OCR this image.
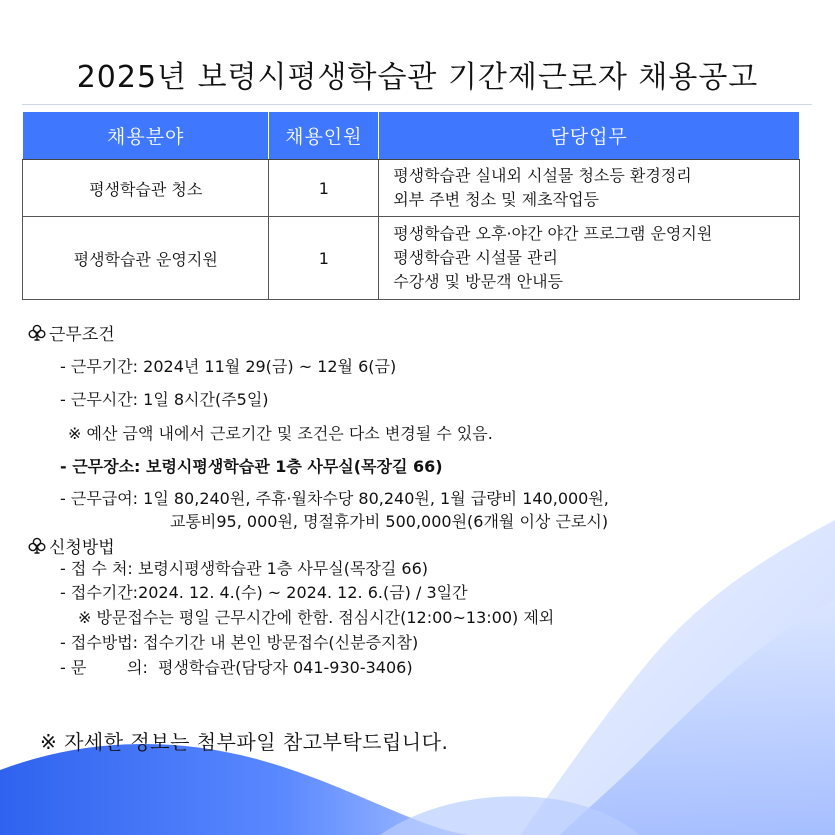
2025년 보령시평생학습관 기간제근로자 채용공고
채용분야	채용인원	담당업무
평생학습관 청소	1	평생학습관 실내외 시설물 청소등 환경정리
외부 주변 청소 및 제초작업등

평생학습관 운영지원	1	평생학습관 오후·야간 야간 프로그램 운영지원
평생학습관 시설물 관리
수강생 및 방문객 안내등
근무조건
- 근무기간: 2024년 11월 29(금) ~ 12월 6(금)
- 근무시간: 1일 8시간(주5일)
※ 예산 금액 내에서 근로기간 및 조건은 다소 변경될 수 있음.
- 근무장소: 보령시평생학습관 1층 사무실(목장길 66)
- 근무급여: 1일 80,240원, 주휴·월차수당 80,240원, 1월 급량비 140,000원,
교통비95, 000원, 명절휴가비 500,000원(6개월 이상 근로시)
신청방법
- 접 수 처: 보령시평생학습관 1층 사무실(목장길 66)
- 접수기간:2024. 12. 4.(수) ~ 2024. 12. 6.(금) / 3일간
※ 방문접수는 평일 근무시간에 한함. 점심시간(12:00~13:00) 제외
- 접수방법: 접수기간 내 본인 방문접수(신분증지참)
- 문        의:  평생학습관(담당자 041-930-3406)
※ 자세한 정보는 첨부파일 참고부탁드립니다.
